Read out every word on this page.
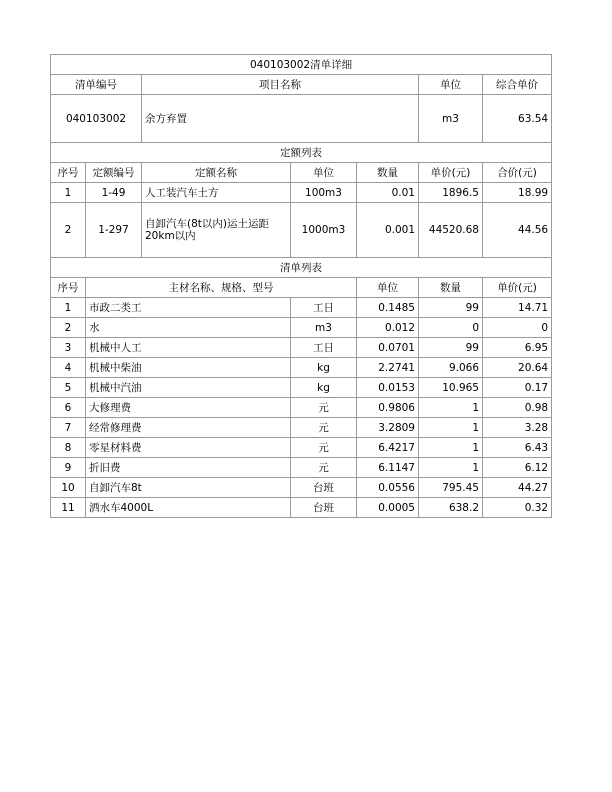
040103002清单详细							
清单编号		项目名称			单位	综合单价	
040103002		余方弃置			m3	63.54	
定额列表							
序号	定额编号	定额名称	单位	数量	单价(元)	合价(元)	
1	1-49	人工装汽车土方	100m3	0.01	1896.5	18.99	
2	1-297	自卸汽车(8t以内)运土运距20km以内	1000m3	0.001	44520.68	44.56	
清单列表							
序号	主材名称、规格、型号			单位	数量	单价(元)	
1	市政二类工		工日	0.1485	99	14.71	
2	水		m3	0.012	0	0	
3	机械中人工		工日	0.0701	99	6.95	
4	机械中柴油		kg	2.2741	9.066	20.64	
5	机械中汽油		kg	0.0153	10.965	0.17	
6	大修理费		元	0.9806	1	0.98	
7	经常修理费		元	3.2809	1	3.28	
8	零星材料费		元	6.4217	1	6.43	
9	折旧费		元	6.1147	1	6.12	
10	自卸汽车8t		台班	0.0556	795.45	44.27	
11	洒水车4000L		台班	0.0005	638.2	0.32	
